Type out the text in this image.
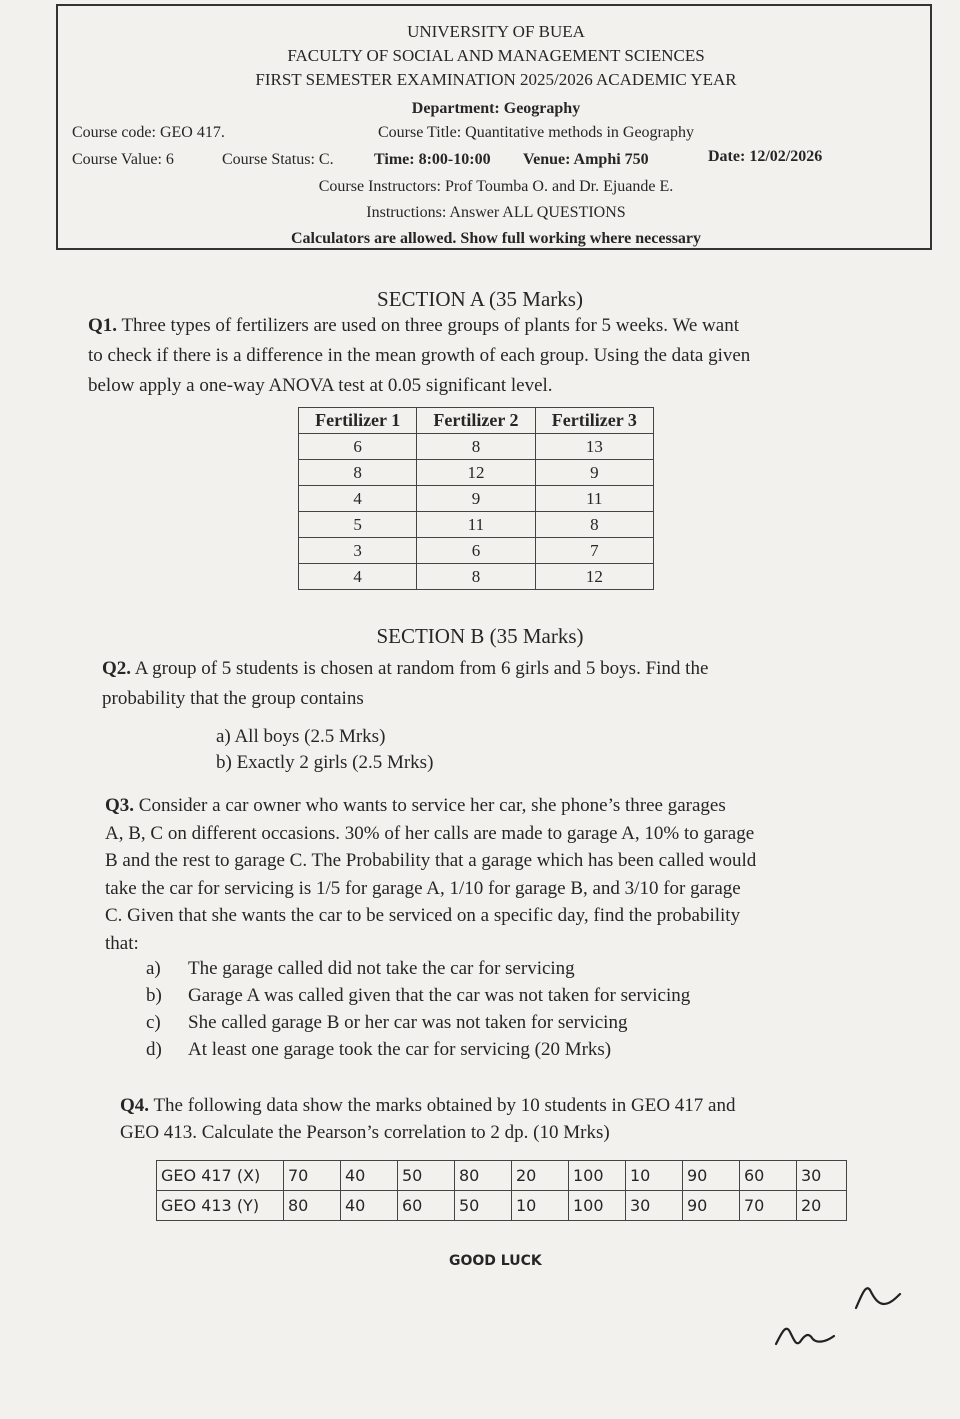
UNIVERSITY OF BUEA
FACULTY OF SOCIAL AND MANAGEMENT SCIENCES
FIRST SEMESTER EXAMINATION 2025/2026 ACADEMIC YEAR
Department: Geography
Course code: GEO 417.	Course Title: Quantitative methods in Geography
Course Value: 6	Course Status: C.	Time: 8:00-10:00 Venue: Amphi 750	Date: 12/02/2026
Course Instructors: Prof Toumba O. and Dr. Ejuande E.
Instructions: Answer ALL QUESTIONS
Calculators are allowed. Show full working where necessary
SECTION A (35 Marks)
Q1. Three types of fertilizers are used on three groups of plants for 5 weeks. We want
to check if there is a difference in the mean growth of each group. Using the data given
below apply a one-way ANOVA test at 0.05 significant level.
Fertilizer 1	Fertilizer 2	Fertilizer 3
6	8	13
8	12	9
4	9	11
5	11	8
3	6	7
4	8	12
SECTION B (35 Marks)
Q2. A group of 5 students is chosen at random from 6 girls and 5 boys. Find the
probability that the group contains
a) All boys (2.5 Mrks)
b) Exactly 2 girls (2.5 Mrks)
Q3. Consider a car owner who wants to service her car, she phone’s three garages
A, B, C on different occasions. 30% of her calls are made to garage A, 10% to garage
B and the rest to garage C. The Probability that a garage which has been called would
take the car for servicing is 1/5 for garage A, 1/10 for garage B, and 3/10 for garage
C. Given that she wants the car to be serviced on a specific day, find the probability
that:
a) The garage called did not take the car for servicing
b) Garage A was called given that the car was not taken for servicing
c) She called garage B or her car was not taken for servicing
d) At least one garage took the car for servicing (20 Mrks)
Q4. The following data show the marks obtained by 10 students in GEO 417 and
GEO 413. Calculate the Pearson’s correlation to 2 dp. (10 Mrks)
GEO 417 (X)	70	40	50	80	20	100	10	90	60	30
GEO 413 (Y)	80	40	60	50	10	100	30	90	70	20
GOOD LUCK
